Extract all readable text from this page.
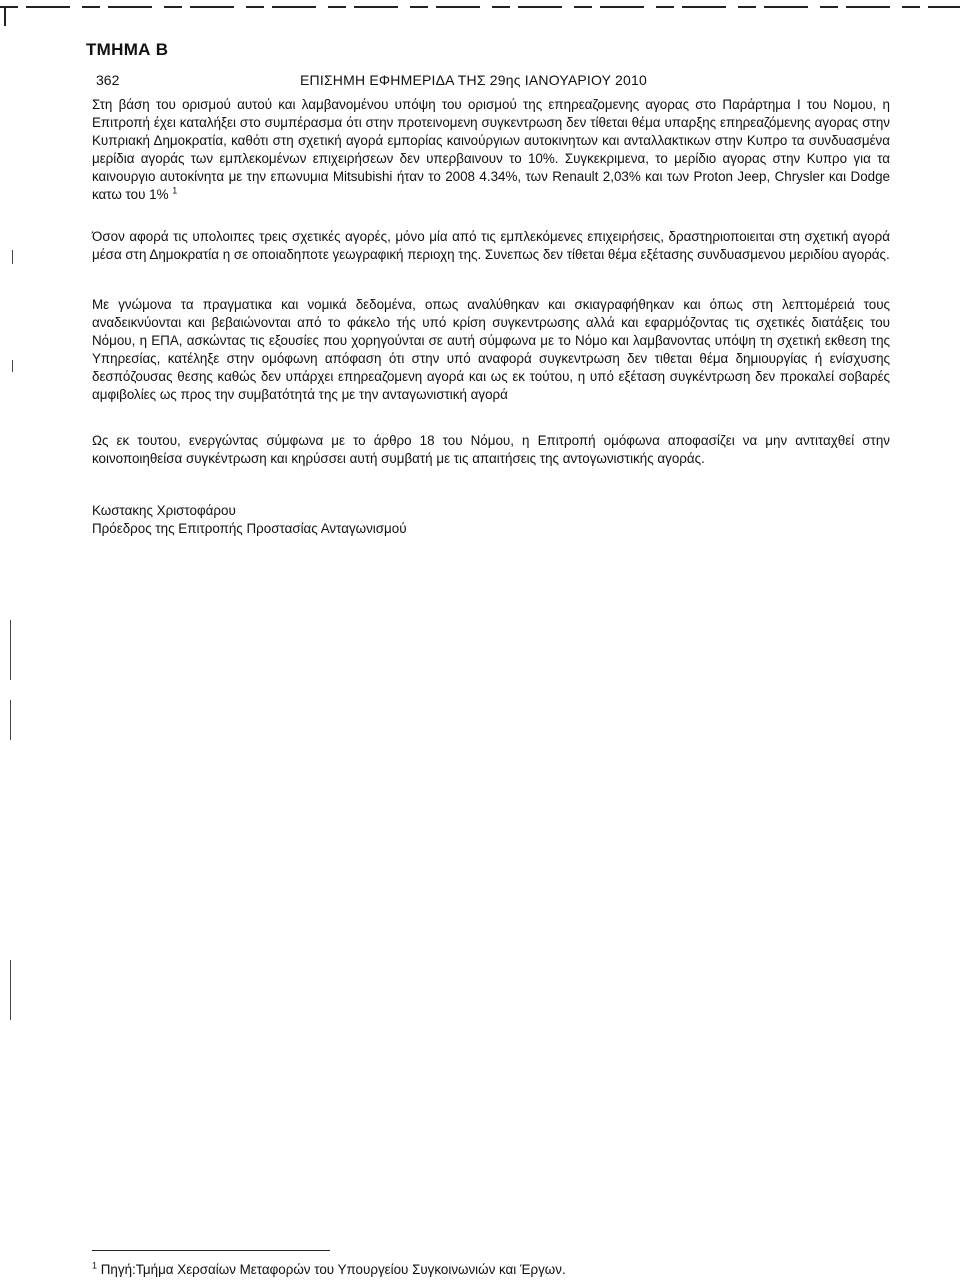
ΤΜΗΜΑ Β
362	ΕΠΙΣΗΜΗ ΕΦΗΜΕΡΙΔΑ ΤΗΣ 29ης ΙΑΝΟΥΑΡΙΟΥ 2010

Στη βάση του ορισμού αυτού και λαμβανομένου υπόψη του ορισμού της επηρεαζομενης αγορας στο Παράρτημα Ι του Νομου, η Επιτροπή έχει καταλήξει στο συμπέρασμα ότι στην προτεινομενη συγκεντρωση δεν τίθεται θέμα υπαρξης επηρεαζόμενης αγορας στην Κυπριακή Δημοκρατία, καθότι στη σχετική αγορά εμπορίας καινούργιων αυτοκινητων και ανταλλακτικων στην Κυπρο τα συνδυασμένα μερίδια αγοράς των εμπλεκομένων επιχειρήσεων δεν υπερβαινουν το 10%. Συγκεκριμενα, το μερίδιο αγορας στην Κυπρο για τα καινουργιο αυτοκίνητα με την επωνυμια Mitsubishi ήταν το 2008 4.34%, των Renault 2,03% και των Proton Jeep, Chrysler και Dodge κατω του 1% $^1$

Όσον αφορά τις υπολοιπες τρεις σχετικές αγορές, μόνο μία από τις εμπλεκόμενες επιχειρήσεις, δραστηριοποιειται στη σχετική αγορά μέσα στη Δημοκρατία η σε οποιαδηποτε γεωγραφική περιοχη της. Συνεπως δεν τίθεται θέμα εξέτασης συνδυασμενου μεριδίου αγοράς.

Με γνώμονα τα πραγματικα και νομικά δεδομένα, οπως αναλύθηκαν και σκιαγραφήθηκαν και όπως στη λεπτομέρειά τους αναδεικνύονται και βεβαιώνονται από το φάκελο τής υπό κρίση συγκεντρωσης αλλά και εφαρμόζοντας τις σχετικές διατάξεις του Νόμου, η ΕΠΑ, ασκώντας τις εξουσίες που χορηγούνται σε αυτή σύμφωνα με το Νόμο και λαμβανοντας υπόψη τη σχετική εκθεση της Υπηρεσίας, κατέληξε στην ομόφωνη απόφαση ότι στην υπό αναφορά συγκεντρωση δεν τιθεται θέμα δημιουργίας ή ενίσχυσης δεσπόζουσας θεσης καθώς δεν υπάρχει επηρεαζομενη αγορά και ως εκ τούτου, η υπό εξέταση συγκέντρωση δεν προκαλεί σοβαρές αμφιβολίες ως προς την συμβατότητά της με την ανταγωνιστική αγορά

Ως εκ τουτου, ενεργώντας σύμφωνα με το άρθρο 18 του Νόμου, η Επιτροπή ομόφωνα αποφασίζει να μην αντιταχθεί στην κοινοποιηθείσα συγκέντρωση και κηρύσσει αυτή συμβατή με τις απαιτήσεις της αντογωνιστικής αγοράς.

Κωστακης Χριστοφάρου
Πρόεδρος της Επιτροπής Προστασίας Ανταγωνισμού
$^1$ Πηγή:Τμήμα Χερσαίων Μεταφορών του Υπουργείου Συγκοινωνιών και Έργων.
